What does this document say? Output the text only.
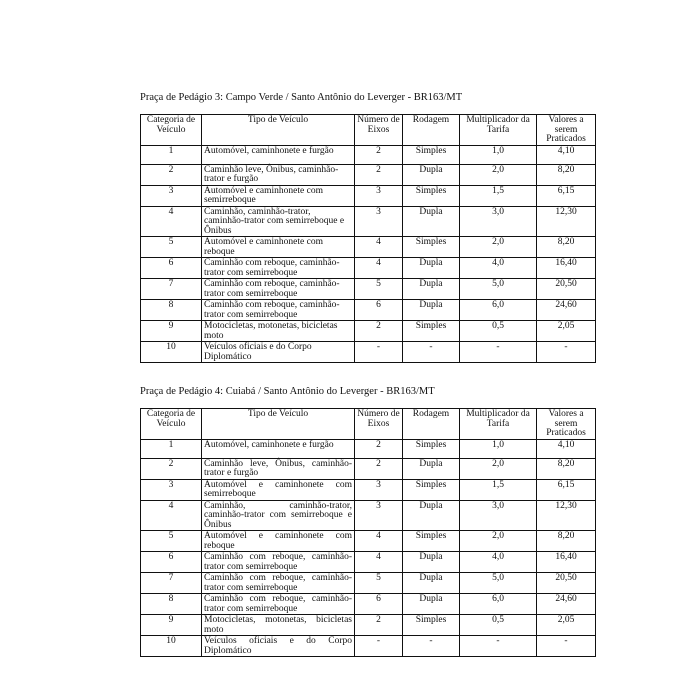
Praça de Pedágio 3: Campo Verde / Santo Antônio do Leverger - BR163/MT
Categoria de Veículo	Tipo de Veículo	Número de Eixos	Rodagem	Multiplicador da Tarifa	Valores a serem Praticados
1	Automóvel, caminhonete e furgão	2	Simples	1,0	4,10
2	Caminhão leve, Ônibus, caminhão-trator e furgão	2	Dupla	2,0	8,20
3	Automóvel e caminhonete com semirreboque	3	Simples	1,5	6,15
4	Caminhão, caminhão-trator, caminhão-trator com semirreboque e Ônibus	3	Dupla	3,0	12,30
5	Automóvel e caminhonete com reboque	4	Simples	2,0	8,20
6	Caminhão com reboque, caminhão-trator com semirreboque	4	Dupla	4,0	16,40
7	Caminhão com reboque, caminhão-trator com semirreboque	5	Dupla	5,0	20,50
8	Caminhão com reboque, caminhão-trator com semirreboque	6	Dupla	6,0	24,60
9	Motocicletas, motonetas, bicicletas moto	2	Simples	0,5	2,05
10	Veículos oficiais e do Corpo Diplomático	-	-	-	-
Praça de Pedágio 4: Cuiabá / Santo Antônio do Leverger - BR163/MT
Categoria de Veículo	Tipo de Veículo	Número de Eixos	Rodagem	Multiplicador da Tarifa	Valores a serem Praticados
1	Automóvel, caminhonete e furgão	2	Simples	1,0	4,10
2	Caminhão leve, Ônibus, caminhão-trator e furgão	2	Dupla	2,0	8,20
3	Automóvel e caminhonete com semirreboque	3	Simples	1,5	6,15
4	Caminhão, caminhão-trator, caminhão-trator com semirreboque e Ônibus	3	Dupla	3,0	12,30
5	Automóvel e caminhonete com reboque	4	Simples	2,0	8,20
6	Caminhão com reboque, caminhão-trator com semirreboque	4	Dupla	4,0	16,40
7	Caminhão com reboque, caminhão-trator com semirreboque	5	Dupla	5,0	20,50
8	Caminhão com reboque, caminhão-trator com semirreboque	6	Dupla	6,0	24,60
9	Motocicletas, motonetas, bicicletas moto	2	Simples	0,5	2,05
10	Veículos oficiais e do Corpo Diplomático	-	-	-	-
